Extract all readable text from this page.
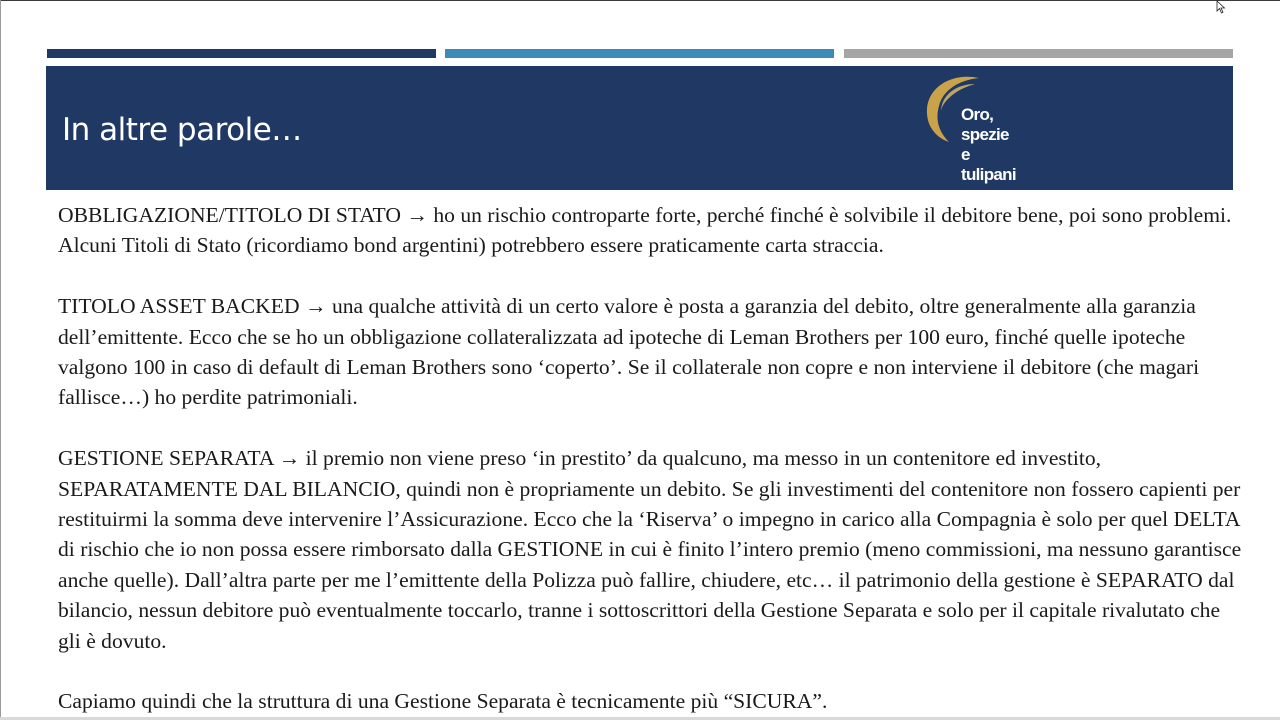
In altre parole…	Oro,
spezie
e
tulipani

OBBLIGAZIONE/TITOLO DI STATO → ho un rischio controparte forte, perché finché è solvibile il debitore bene, poi sono problemi. Alcuni Titoli di Stato (ricordiamo bond argentini) potrebbero essere praticamente carta straccia.

TITOLO ASSET BACKED → una qualche attività di un certo valore è posta a garanzia del debito, oltre generalmente alla garanzia dell’emittente. Ecco che se ho un obbligazione collateralizzata ad ipoteche di Leman Brothers per 100 euro, finché quelle ipoteche valgono 100 in caso di default di Leman Brothers sono ‘coperto’. Se il collaterale non copre e non interviene il debitore (che magari fallisce…) ho perdite patrimoniali.

GESTIONE SEPARATA → il premio non viene preso ‘in prestito’ da qualcuno, ma messo in un contenitore ed investito, SEPARATAMENTE DAL BILANCIO, quindi non è propriamente un debito. Se gli investimenti del contenitore non fossero capienti per restituirmi la somma deve intervenire l’Assicurazione. Ecco che la ‘Riserva’ o impegno in carico alla Compagnia è solo per quel DELTA di rischio che io non possa essere rimborsato dalla GESTIONE in cui è finito l’intero premio (meno commissioni, ma nessuno garantisce anche quelle). Dall’altra parte per me l’emittente della Polizza può fallire, chiudere, etc… il patrimonio della gestione è SEPARATO dal bilancio, nessun debitore può eventualmente toccarlo, tranne i sottoscrittori della Gestione Separata e solo per il capitale rivalutato che gli è dovuto.

Capiamo quindi che la struttura di una Gestione Separata è tecnicamente più “SICURA”.
